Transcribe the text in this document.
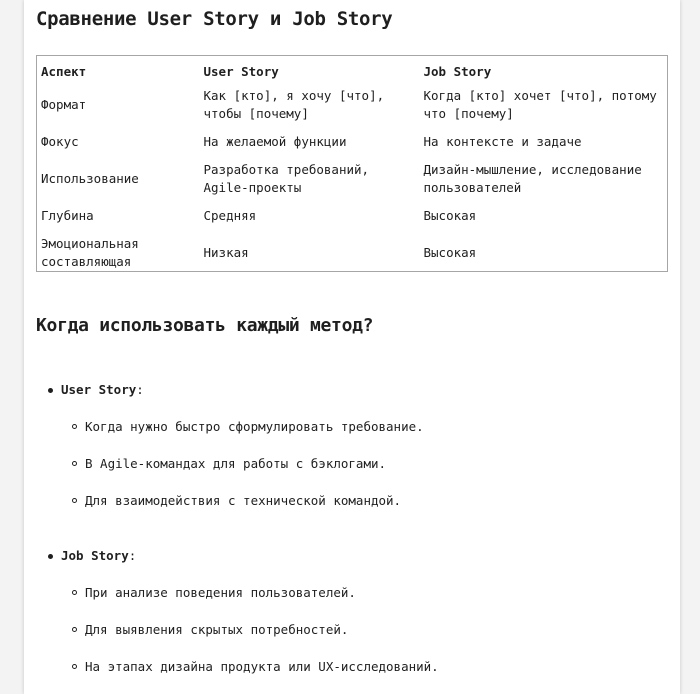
Сравнение User Story и Job Story
Аспект	User Story	Job Story
Формат	Как [кто], я хочу [что], чтобы [почему]	Когда [кто] хочет [что], потому что [почему]
Фокус	На желаемой функции	На контексте и задаче
Использование	Разработка требований, Agile-проекты	Дизайн-мышление, исследование пользователей
Глубина	Средняя	Высокая
Эмоциональная составляющая	Низкая	Высокая
Когда использовать каждый метод?
User Story:
Когда нужно быстро сформулировать требование.
В Agile-командах для работы с бэклогами.
Для взаимодействия с технической командой.
Job Story:
При анализе поведения пользователей.
Для выявления скрытых потребностей.
На этапах дизайна продукта или UX-исследований.
